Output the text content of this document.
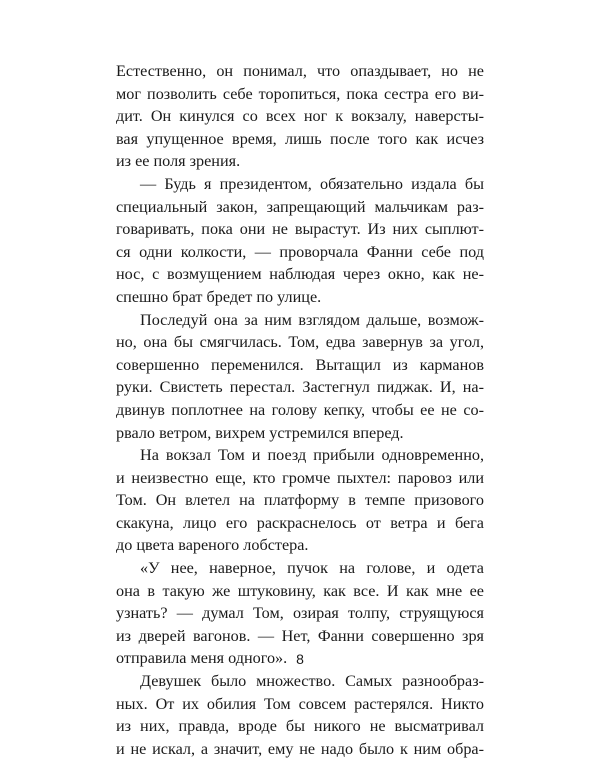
Естественно, он понимал, что опаздывает, но не
мог позволить себе торопиться, пока сестра его ви-
дит. Он кинулся со всех ног к вокзалу, наверсты-
вая упущенное время, лишь после того как исчез
из ее поля зрения.
— Будь я президентом, обязательно издала бы
специальный закон, запрещающий мальчикам раз-
говаривать, пока они не вырастут. Из них сыплют-
ся одни колкости, — проворчала Фанни себе под
нос, с возмущением наблюдая через окно, как не-
спешно брат бредет по улице.
Последуй она за ним взглядом дальше, возмож-
но, она бы смягчилась. Том, едва завернув за угол,
совершенно переменился. Вытащил из карманов
руки. Свистеть перестал. Застегнул пиджак. И, на-
двинув поплотнее на голову кепку, чтобы ее не со-
рвало ветром, вихрем устремился вперед.
На вокзал Том и поезд прибыли одновременно,
и неизвестно еще, кто громче пыхтел: паровоз или
Том. Он влетел на платформу в темпе призового
скакуна, лицо его раскраснелось от ветра и бега
до цвета вареного лобстера.
«У нее, наверное, пучок на голове, и одета
она в такую же штуковину, как все. И как мне ее
узнать? — думал Том, озирая толпу, струящуюся
из дверей вагонов. — Нет, Фанни совершенно зря
отправила меня одного».
Девушек было множество. Самых разнообраз-
ных. От их обилия Том совсем растерялся. Никто
из них, правда, вроде бы никого не высматривал
и не искал, а значит, ему не надо было к ним обра-
8
